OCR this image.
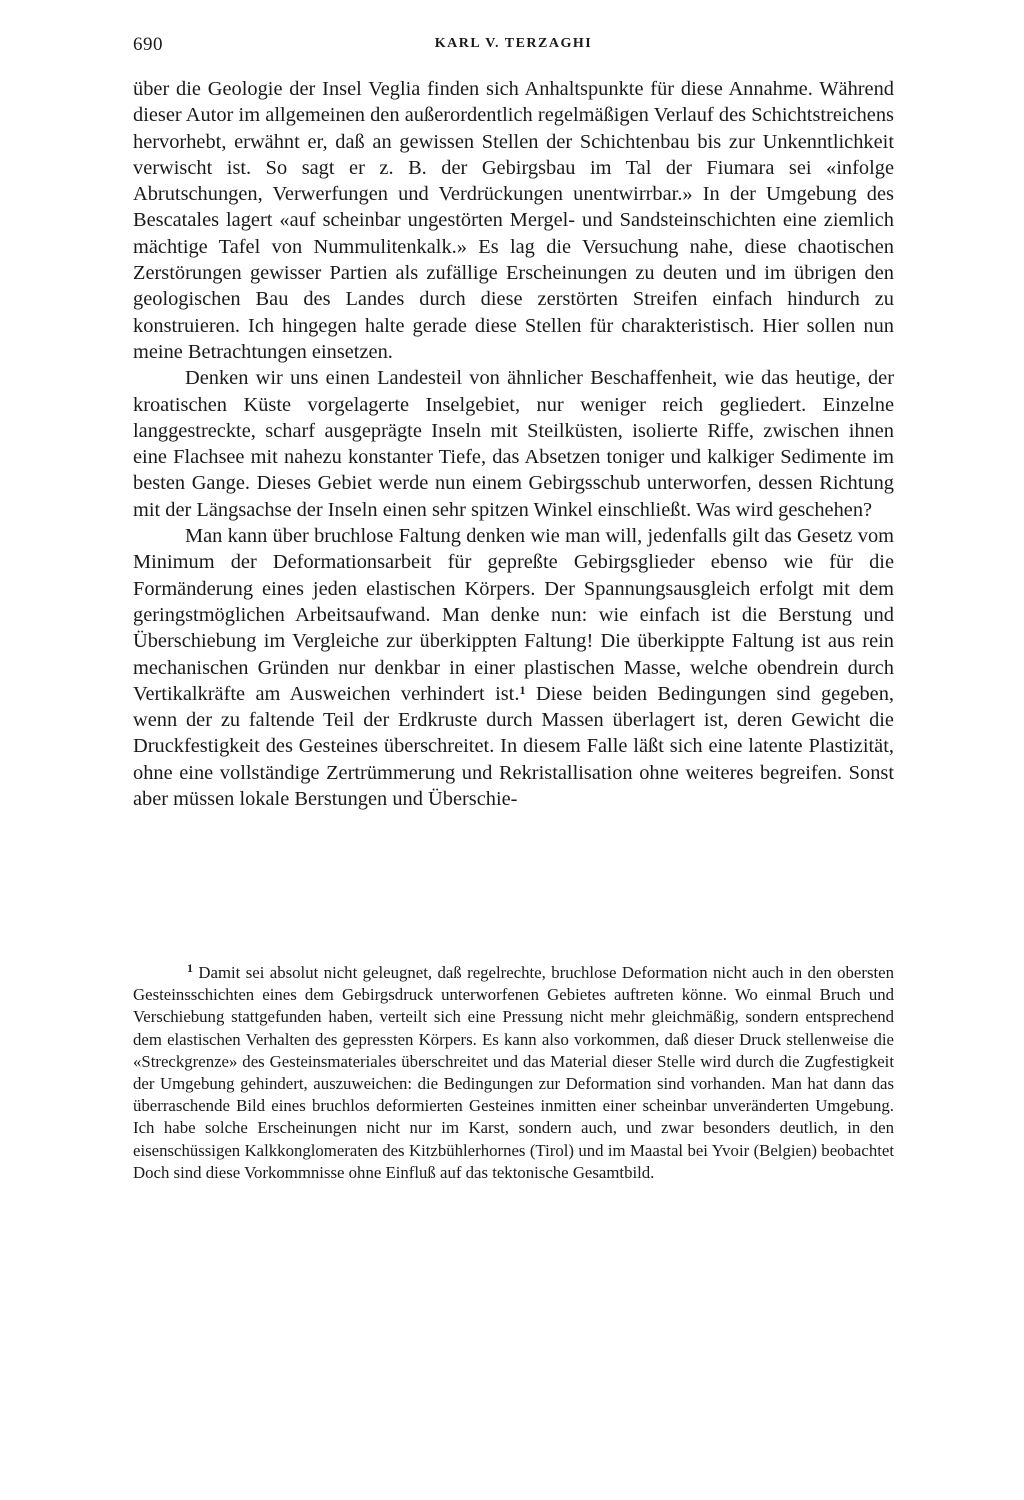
690	KARL V. TERZAGHI

über die Geologie der Insel Veglia finden sich Anhaltspunkte für diese Annahme. Während dieser Autor im allgemeinen den außerordentlich regelmäßigen Verlauf des Schichtstreichens hervorhebt, erwähnt er, daß an gewissen Stellen der Schichtenbau bis zur Unkenntlichkeit verwischt ist. So sagt er z. B. der Gebirgsbau im Tal der Fiumara sei «infolge Abrutschungen, Verwerfungen und Verdrückungen unentwirrbar.» In der Umgebung des Bescatales lagert «auf scheinbar ungestörten Mergel- und Sandsteinschichten eine ziemlich mächtige Tafel von Nummulitenkalk.» Es lag die Versuchung nahe, diese chaotischen Zerstörungen gewisser Partien als zufällige Erscheinungen zu deuten und im übrigen den geologischen Bau des Landes durch diese zerstörten Streifen einfach hindurch zu konstruieren. Ich hingegen halte gerade diese Stellen für charakteristisch. Hier sollen nun meine Betrachtungen einsetzen.

Denken wir uns einen Landesteil von ähnlicher Beschaffenheit, wie das heutige, der kroatischen Küste vorgelagerte Inselgebiet, nur weniger reich gegliedert. Einzelne langgestreckte, scharf ausgeprägte Inseln mit Steilküsten, isolierte Riffe, zwischen ihnen eine Flachsee mit nahezu konstanter Tiefe, das Absetzen toniger und kalkiger Sedimente im besten Gange. Dieses Gebiet werde nun einem Gebirgsschub unterworfen, dessen Richtung mit der Längsachse der Inseln einen sehr spitzen Winkel einschließt. Was wird geschehen?

Man kann über bruchlose Faltung denken wie man will, jedenfalls gilt das Gesetz vom Minimum der Deformationsarbeit für gepreßte Gebirgsglieder ebenso wie für die Formänderung eines jeden elastischen Körpers. Der Spannungsausgleich erfolgt mit dem geringstmöglichen Arbeitsaufwand. Man denke nun: wie einfach ist die Berstung und Überschiebung im Vergleiche zur überkippten Faltung! Die überkippte Faltung ist aus rein mechanischen Gründen nur denkbar in einer plastischen Masse, welche obendrein durch Vertikalkräfte am Ausweichen verhindert ist.$^1$ Diese beiden Bedingungen sind gegeben, wenn der zu faltende Teil der Erdkruste durch Massen überlagert ist, deren Gewicht die Druckfestigkeit des Gesteines überschreitet. In diesem Falle läßt sich eine latente Plastizität, ohne eine vollständige Zertrümmerung und Rekristallisation ohne weiteres begreifen. Sonst aber müssen lokale Berstungen und Überschie-

$^1$ Damit sei absolut nicht geleugnet, daß regelrechte, bruchlose Deformation nicht auch in den obersten Gesteinsschichten eines dem Gebirgsdruck unterworfenen Gebietes auftreten könne. Wo einmal Bruch und Verschiebung stattgefunden haben, verteilt sich eine Pressung nicht mehr gleichmäßig, sondern entsprechend dem elastischen Verhalten des gepressten Körpers. Es kann also vorkommen, daß dieser Druck stellenweise die «Streckgrenze» des Gesteinsmateriales überschreitet und das Material dieser Stelle wird durch die Zugfestigkeit der Umgebung gehindert, auszuweichen: die Bedingungen zur Deformation sind vorhanden. Man hat dann das überraschende Bild eines bruchlos deformierten Gesteines inmitten einer scheinbar unveränderten Umgebung. Ich habe solche Erscheinungen nicht nur im Karst, sondern auch, und zwar besonders deutlich, in den eisenschüssigen Kalkkonglomeraten des Kitzbühlerhornes (Tirol) und im Maastal bei Yvoir (Belgien) beobachtet Doch sind diese Vorkommnisse ohne Einfluß auf das tektonische Gesamtbild.
